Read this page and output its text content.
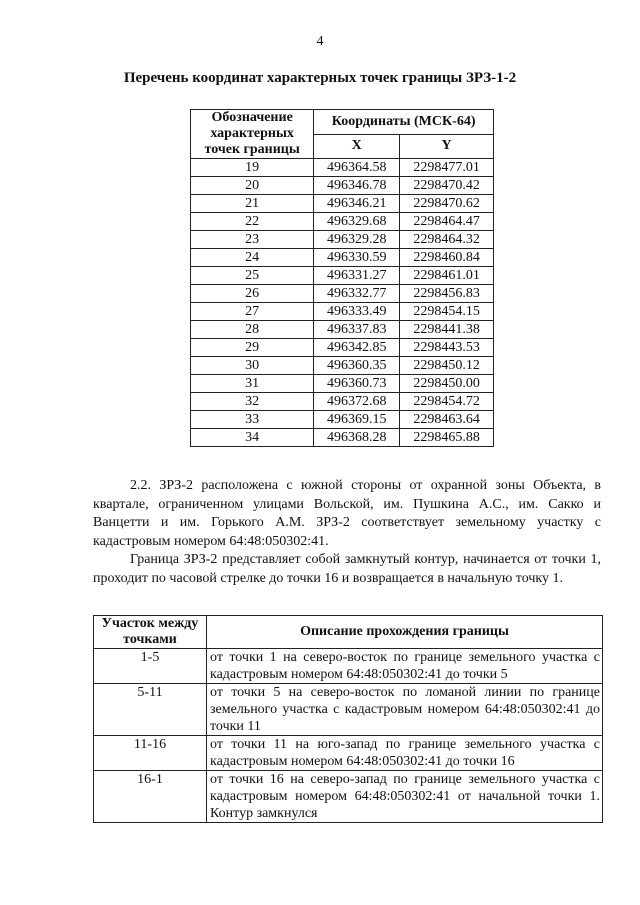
4
Перечень координат характерных точек границы ЗРЗ-1-2
Обозначение характерных точек границы	Координаты (МСК-64)	
	X	Y
19	496364.58	2298477.01
20	496346.78	2298470.42
21	496346.21	2298470.62
22	496329.68	2298464.47
23	496329.28	2298464.32
24	496330.59	2298460.84
25	496331.27	2298461.01
26	496332.77	2298456.83
27	496333.49	2298454.15
28	496337.83	2298441.38
29	496342.85	2298443.53
30	496360.35	2298450.12
31	496360.73	2298450.00
32	496372.68	2298454.72
33	496369.15	2298463.64
34	496368.28	2298465.88

2.2. ЗРЗ-2 расположена с южной стороны от охранной зоны Объекта, в квартале, ограниченном улицами Вольской, им. Пушкина А.С., им. Сакко и Ванцетти и им. Горького А.М. ЗРЗ-2 соответствует земельному участку с кадастровым номером 64:48:050302:41.

Граница ЗРЗ-2 представляет собой замкнутый контур, начинается от точки 1, проходит по часовой стрелке до точки 16 и возвращается в начальную точку 1.

Участок между точками	Описание прохождения границы
1-5	от точки 1 на северо-восток по границе земельного участка с кадастровым номером 64:48:050302:41 до точки 5
5-11	от точки 5 на северо-восток по ломаной линии по границе земельного участка с кадастровым номером 64:48:050302:41 до точки 11
11-16	от точки 11 на юго-запад по границе земельного участка с кадастровым номером 64:48:050302:41 до точки 16
16-1	от точки 16 на северо-запад по границе земельного участка с кадастровым номером 64:48:050302:41 от начальной точки 1. Контур замкнулся
